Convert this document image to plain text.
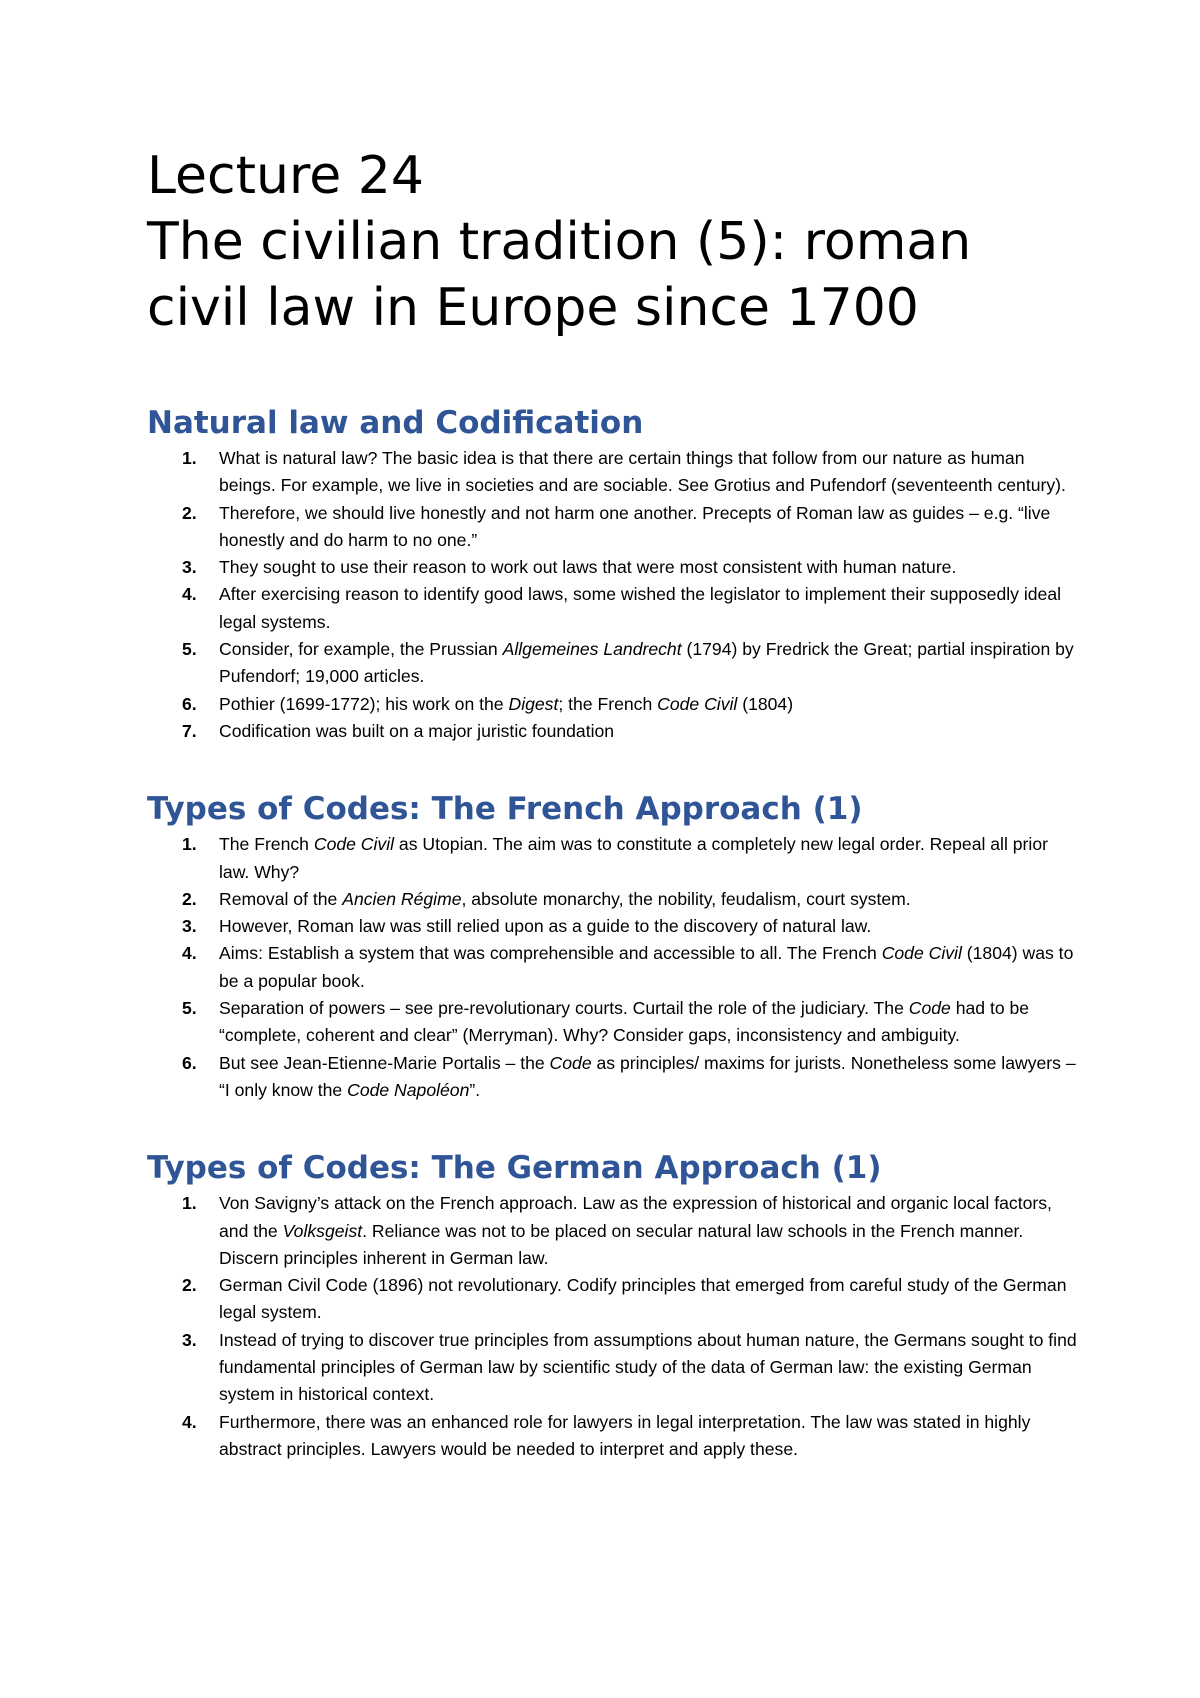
Lecture 24
The civilian tradition (5): roman
civil law in Europe since 1700
Natural law and Codification
1.	What is natural law? The basic idea is that there are certain things that follow from our nature as human beings. For example, we live in societies and are sociable. See Grotius and Pufendorf (seventeenth century).
2.	Therefore, we should live honestly and not harm one another. Precepts of Roman law as guides – e.g. “live honestly and do harm to no one.”
3.	They sought to use their reason to work out laws that were most consistent with human nature.
4.	After exercising reason to identify good laws, some wished the legislator to implement their supposedly ideal legal systems.
5.	Consider, for example, the Prussian Allgemeines Landrecht (1794) by Fredrick the Great; partial inspiration by Pufendorf; 19,000 articles.
6.	Pothier (1699-1772); his work on the Digest; the French Code Civil (1804)
7.	Codification was built on a major juristic foundation
Types of Codes: The French Approach (1)
1.	The French Code Civil as Utopian. The aim was to constitute a completely new legal order. Repeal all prior law. Why?
2.	Removal of the Ancien Régime, absolute monarchy, the nobility, feudalism, court system.
3.	However, Roman law was still relied upon as a guide to the discovery of natural law.
4.	Aims: Establish a system that was comprehensible and accessible to all. The French Code Civil (1804) was to be a popular book.
5.	Separation of powers – see pre-revolutionary courts. Curtail the role of the judiciary. The Code had to be “complete, coherent and clear” (Merryman). Why? Consider gaps, inconsistency and ambiguity.
6.	But see Jean-Etienne-Marie Portalis – the Code as principles/ maxims for jurists. Nonetheless some lawyers – “I only know the Code Napoléon”.
Types of Codes: The German Approach (1)
1.	Von Savigny’s attack on the French approach. Law as the expression of historical and organic local factors, and the Volksgeist. Reliance was not to be placed on secular natural law schools in the French manner. Discern principles inherent in German law.
2.	German Civil Code (1896) not revolutionary. Codify principles that emerged from careful study of the German legal system.
3.	Instead of trying to discover true principles from assumptions about human nature, the Germans sought to find fundamental principles of German law by scientific study of the data of German law: the existing German system in historical context.
4.	Furthermore, there was an enhanced role for lawyers in legal interpretation. The law was stated in highly abstract principles. Lawyers would be needed to interpret and apply these.
